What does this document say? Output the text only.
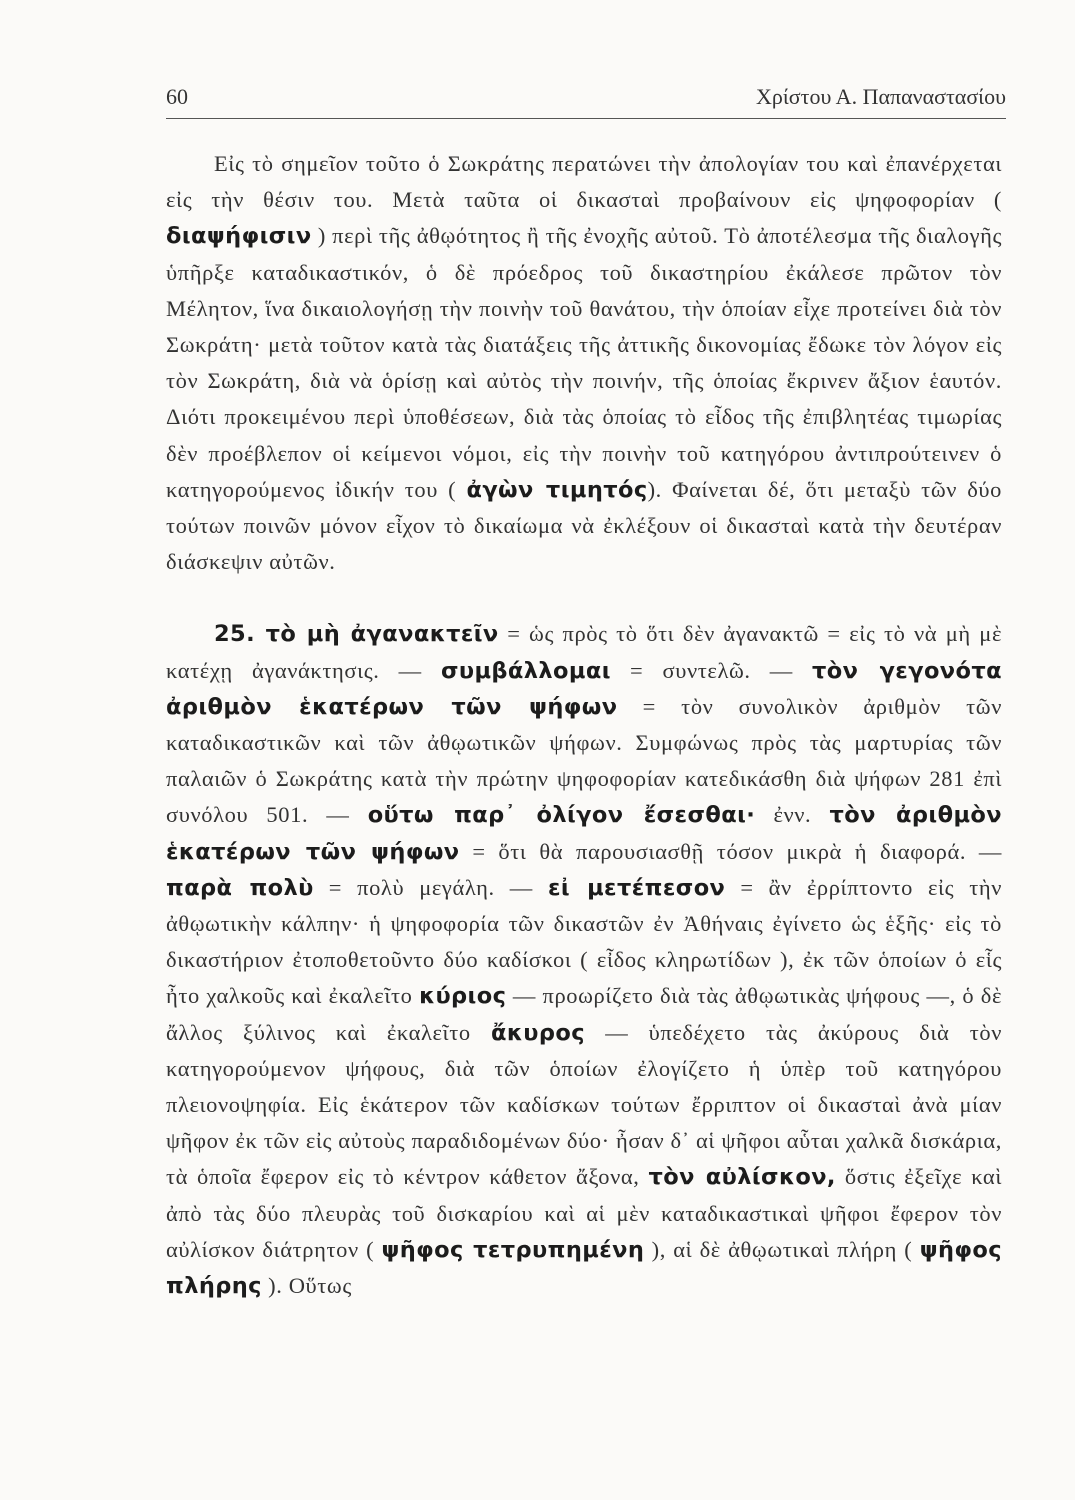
60	Χρίστου Α. Παπαναστασίου

Εἰς τὸ σημεῖον τοῦτο ὁ Σωκράτης περατώνει τὴν ἀπολογίαν του καὶ ἐπανέρχεται εἰς τὴν θέσιν του. Μετὰ ταῦτα οἱ δικασταὶ προβαίνουν εἰς ψηφοφορίαν ( διαψήφισιν ) περὶ τῆς ἀθῳότητος ἢ τῆς ἐνοχῆς αὐτοῦ. Τὸ ἀποτέλεσμα τῆς διαλογῆς ὑπῆρξε καταδικαστικόν, ὁ δὲ πρόεδρος τοῦ δικαστηρίου ἐκάλεσε πρῶτον τὸν Μέλητον, ἵνα δικαιολογήσῃ τὴν ποινὴν τοῦ θανάτου, τὴν ὁποίαν εἶχε προτείνει διὰ τὸν Σωκράτη· μετὰ τοῦτον κατὰ τὰς διατάξεις τῆς ἀττικῆς δικονομίας ἔδωκε τὸν λόγον εἰς τὸν Σωκράτη, διὰ νὰ ὁρίσῃ καὶ αὐτὸς τὴν ποινήν, τῆς ὁποίας ἔκρινεν ἄξιον ἑαυτόν. Διότι προκειμένου περὶ ὑποθέσεων, διὰ τὰς ὁποίας τὸ εἶδος τῆς ἐπιβλητέας τιμωρίας δὲν προέβλεπον οἱ κείμενοι νόμοι, εἰς τὴν ποινὴν τοῦ κατηγόρου ἀντιπρούτεινεν ὁ κατηγορούμενος ἰδικήν του ( ἀγὼν τιμητός). Φαίνεται δέ, ὅτι μεταξὺ τῶν δύο τούτων ποινῶν μόνον εἶχον τὸ δικαίωμα νὰ ἐκλέξουν οἱ δικασταὶ κατὰ τὴν δευτέραν διάσκεψιν αὐτῶν.

25. τὸ μὴ ἀγανακτεῖν = ὡς πρὸς τὸ ὅτι δὲν ἀγανακτῶ = εἰς τὸ νὰ μὴ μὲ κατέχῃ ἀγανάκτησις. — συμβάλλομαι = συντελῶ. — τὸν γεγονότα ἀριθμὸν ἑκατέρων τῶν ψήφων = τὸν συνολικὸν ἀριθμὸν τῶν καταδικαστικῶν καὶ τῶν ἀθῳωτικῶν ψήφων. Συμφώνως πρὸς τὰς μαρτυρίας τῶν παλαιῶν ὁ Σωκράτης κατὰ τὴν πρώτην ψηφοφορίαν κατεδικάσθη διὰ ψήφων 281 ἐπὶ συνόλου 501. — οὕτω παρ᾽ ὀλίγον ἔσεσθαι· ἐνν. τὸν ἀριθμὸν ἑκατέρων τῶν ψήφων = ὅτι θὰ παρουσιασθῇ τόσον μικρὰ ἡ διαφορά. — παρὰ πολὺ = πολὺ μεγάλη. — εἰ μετέπεσον = ἂν ἐρρίπτοντο εἰς τὴν ἀθῳωτικὴν κάλπην· ἡ ψηφοφορία τῶν δικαστῶν ἐν Ἀθήναις ἐγίνετο ὡς ἑξῆς· εἰς τὸ δικαστήριον ἐτοποθετοῦντο δύο καδίσκοι ( εἶδος κληρωτίδων ), ἐκ τῶν ὁποίων ὁ εἷς ἦτο χαλκοῦς καὶ ἐκαλεῖτο κύριος — προωρίζετο διὰ τὰς ἀθῳωτικὰς ψήφους —, ὁ δὲ ἄλλος ξύλινος καὶ ἐκαλεῖτο ἄκυρος — ὑπεδέχετο τὰς ἀκύρους διὰ τὸν κατηγορούμενον ψήφους, διὰ τῶν ὁποίων ἐλογίζετο ἡ ὑπὲρ τοῦ κατηγόρου πλειονοψηφία. Εἰς ἑκάτερον τῶν καδίσκων τούτων ἔρριπτον οἱ δικασταὶ ἀνὰ μίαν ψῆφον ἐκ τῶν εἰς αὐτοὺς παραδιδομένων δύο· ἦσαν δ᾽ αἱ ψῆφοι αὗται χαλκᾶ δισκάρια, τὰ ὁποῖα ἔφερον εἰς τὸ κέντρον κάθετον ἄξονα, τὸν αὐλίσκον, ὅστις ἐξεῖχε καὶ ἀπὸ τὰς δύο πλευρὰς τοῦ δισκαρίου καὶ αἱ μὲν καταδικαστικαὶ ψῆφοι ἔφερον τὸν αὐλίσκον διάτρητον ( ψῆφος τετρυπημένη ), αἱ δὲ ἀθῳωτικαὶ πλήρη ( ψῆφος πλήρης ). Οὕτως
